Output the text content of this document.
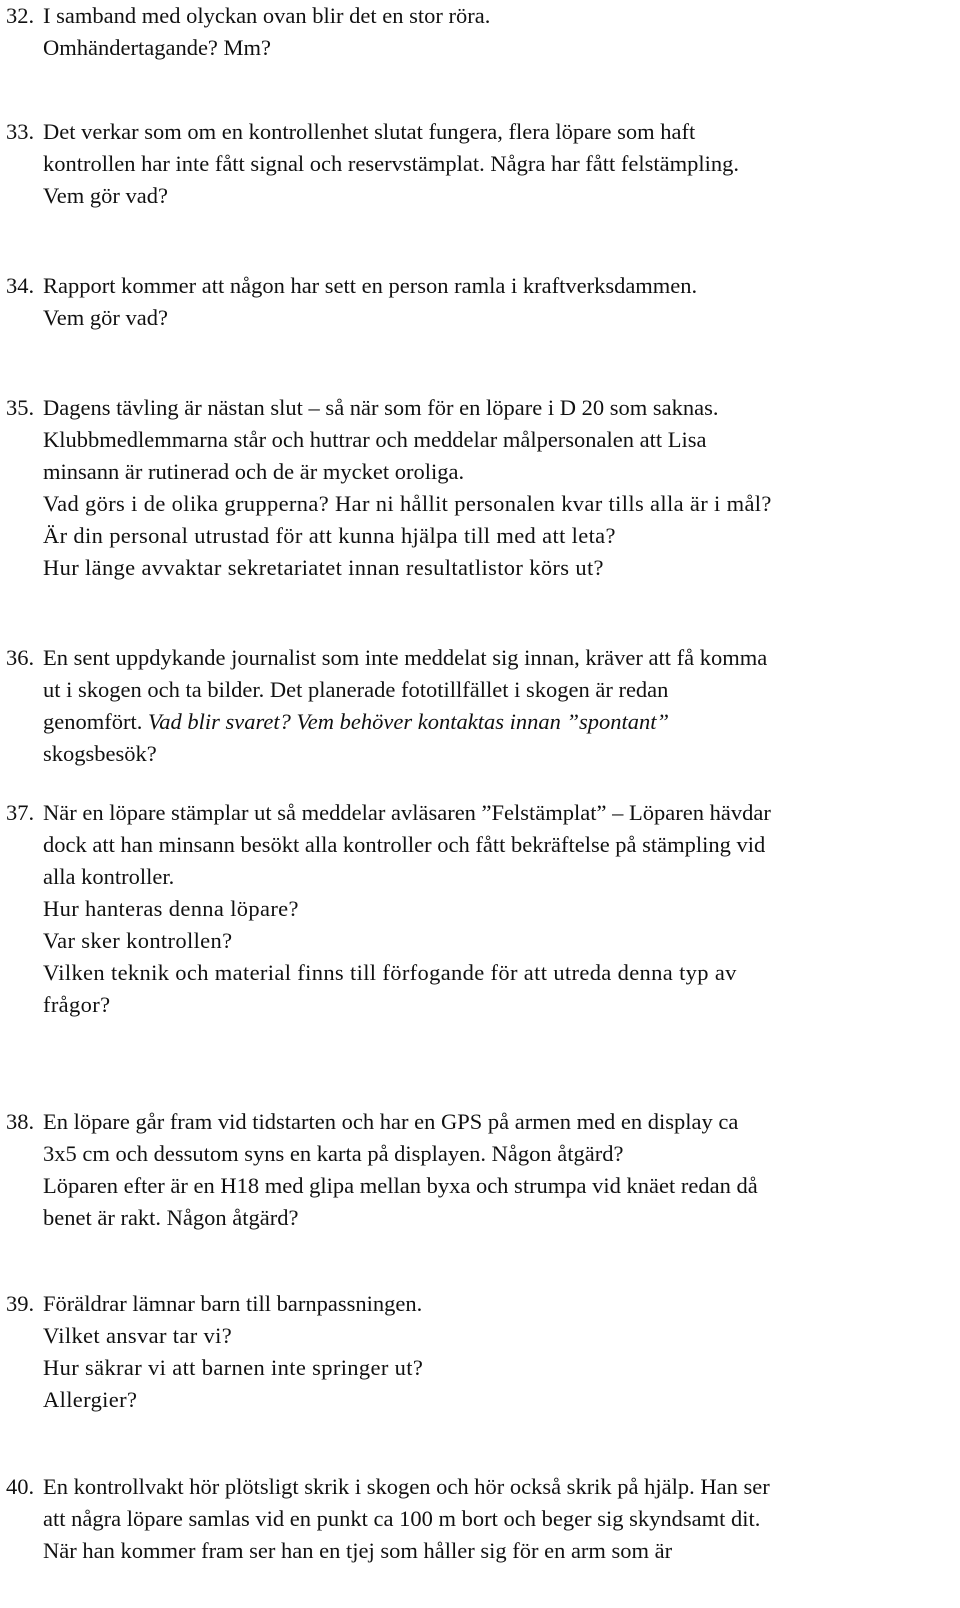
32. I samband med olyckan ovan blir det en stor röra.
Omhändertagande? Mm?
33. Det verkar som om en kontrollenhet slutat fungera, flera löpare som haft
kontrollen har inte fått signal och reservstämplat. Några har fått felstämpling.
Vem gör vad?
34. Rapport kommer att någon har sett en person ramla i kraftverksdammen.
Vem gör vad?
35. Dagens tävling är nästan slut – så när som för en löpare i D 20 som saknas.
Klubbmedlemmarna står och huttrar och meddelar målpersonalen att Lisa
minsann är rutinerad och de är mycket oroliga.
Vad görs i de olika grupperna? Har ni hållit personalen kvar tills alla är i mål?
Är din personal utrustad för att kunna hjälpa till med att leta?
Hur länge avvaktar sekretariatet innan resultatlistor körs ut?
36. En sent uppdykande journalist som inte meddelat sig innan, kräver att få komma
ut i skogen och ta bilder. Det planerade fototillfället i skogen är redan
genomfört. Vad blir svaret? Vem behöver kontaktas innan ”spontant”
skogsbesök?
37. När en löpare stämplar ut så meddelar avläsaren ”Felstämplat” – Löparen hävdar
dock att han minsann besökt alla kontroller och fått bekräftelse på stämpling vid
alla kontroller.
Hur hanteras denna löpare?
Var sker kontrollen?
Vilken teknik och material finns till förfogande för att utreda denna typ av
frågor?
38. En löpare går fram vid tidstarten och har en GPS på armen med en display ca
3x5 cm och dessutom syns en karta på displayen. Någon åtgärd?
Löparen efter är en H18 med glipa mellan byxa och strumpa vid knäet redan då
benet är rakt. Någon åtgärd?
39. Föräldrar lämnar barn till barnpassningen.
Vilket ansvar tar vi?
Hur säkrar vi att barnen inte springer ut?
Allergier?
40. En kontrollvakt hör plötsligt skrik i skogen och hör också skrik på hjälp. Han ser
att några löpare samlas vid en punkt ca 100 m bort och beger sig skyndsamt dit.
När han kommer fram ser han en tjej som håller sig för en arm som är
